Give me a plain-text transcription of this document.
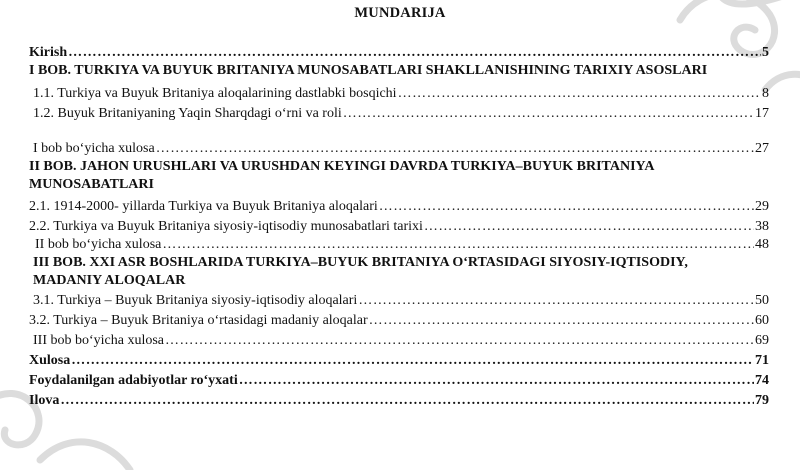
MUNDARIJA
Kirish ………………………………………………………………………………………………………………………………………………………………………………………………………………………………………………………………………………………………………………	5
I BOB. TURKIYA VA BUYUK BRITANIYA MUNOSABATLARI SHAKLLANISHINING TARIXIY ASOSLARI
1.1. Turkiya va Buyuk Britaniya aloqalarining dastlabki bosqichi ………………………………………………………………………………………………………………………………………………………………………………………………………………………………………………………………………………………………………………	8
1.2. Buyuk Britaniyaning Yaqin Sharqdagi o‘rni va roli ………………………………………………………………………………………………………………………………………………………………………………………………………………………………………………………………………………………………………………	17
I bob bo‘yicha xulosa ………………………………………………………………………………………………………………………………………………………………………………………………………………………………………………………………………………………………………………	27
II BOB. JAHON URUSHLARI VA URUSHDAN KEYINGI DAVRDA TURKIYA–BUYUK BRITANIYA MUNOSABATLARI
2.1. 1914-2000- yillarda Turkiya va Buyuk Britaniya aloqalari ………………………………………………………………………………………………………………………………………………………………………………………………………………………………………………………………………………………………………………	29
2.2. Turkiya va Buyuk Britaniya siyosiy-iqtisodiy munosabatlari tarixi ………………………………………………………………………………………………………………………………………………………………………………………………………………………………………………………………………………………………………………	38
II bob bo‘yicha xulosa ………………………………………………………………………………………………………………………………………………………………………………………………………………………………………………………………………………………………………………	48
III BOB. XXI ASR BOSHLARIDA TURKIYA–BUYUK BRITANIYA O‘RTASIDAGI SIYOSIY-IQTISODIY, MADANIY ALOQALAR
3.1. Turkiya – Buyuk Britaniya siyosiy-iqtisodiy aloqalari ………………………………………………………………………………………………………………………………………………………………………………………………………………………………………………………………………………………………………………	50
3.2. Turkiya – Buyuk Britaniya o‘rtasidagi madaniy aloqalar ………………………………………………………………………………………………………………………………………………………………………………………………………………………………………………………………………………………………………………	60
III bob bo‘yicha xulosa ………………………………………………………………………………………………………………………………………………………………………………………………………………………………………………………………………………………………………………	69
Xulosa ………………………………………………………………………………………………………………………………………………………………………………………………………………………………………………………………………………………………………………	71
Foydalanilgan adabiyotlar ro‘yxati ………………………………………………………………………………………………………………………………………………………………………………………………………………………………………………………………………………………………………………	74
Ilova ………………………………………………………………………………………………………………………………………………………………………………………………………………………………………………………………………………………………………………	79
